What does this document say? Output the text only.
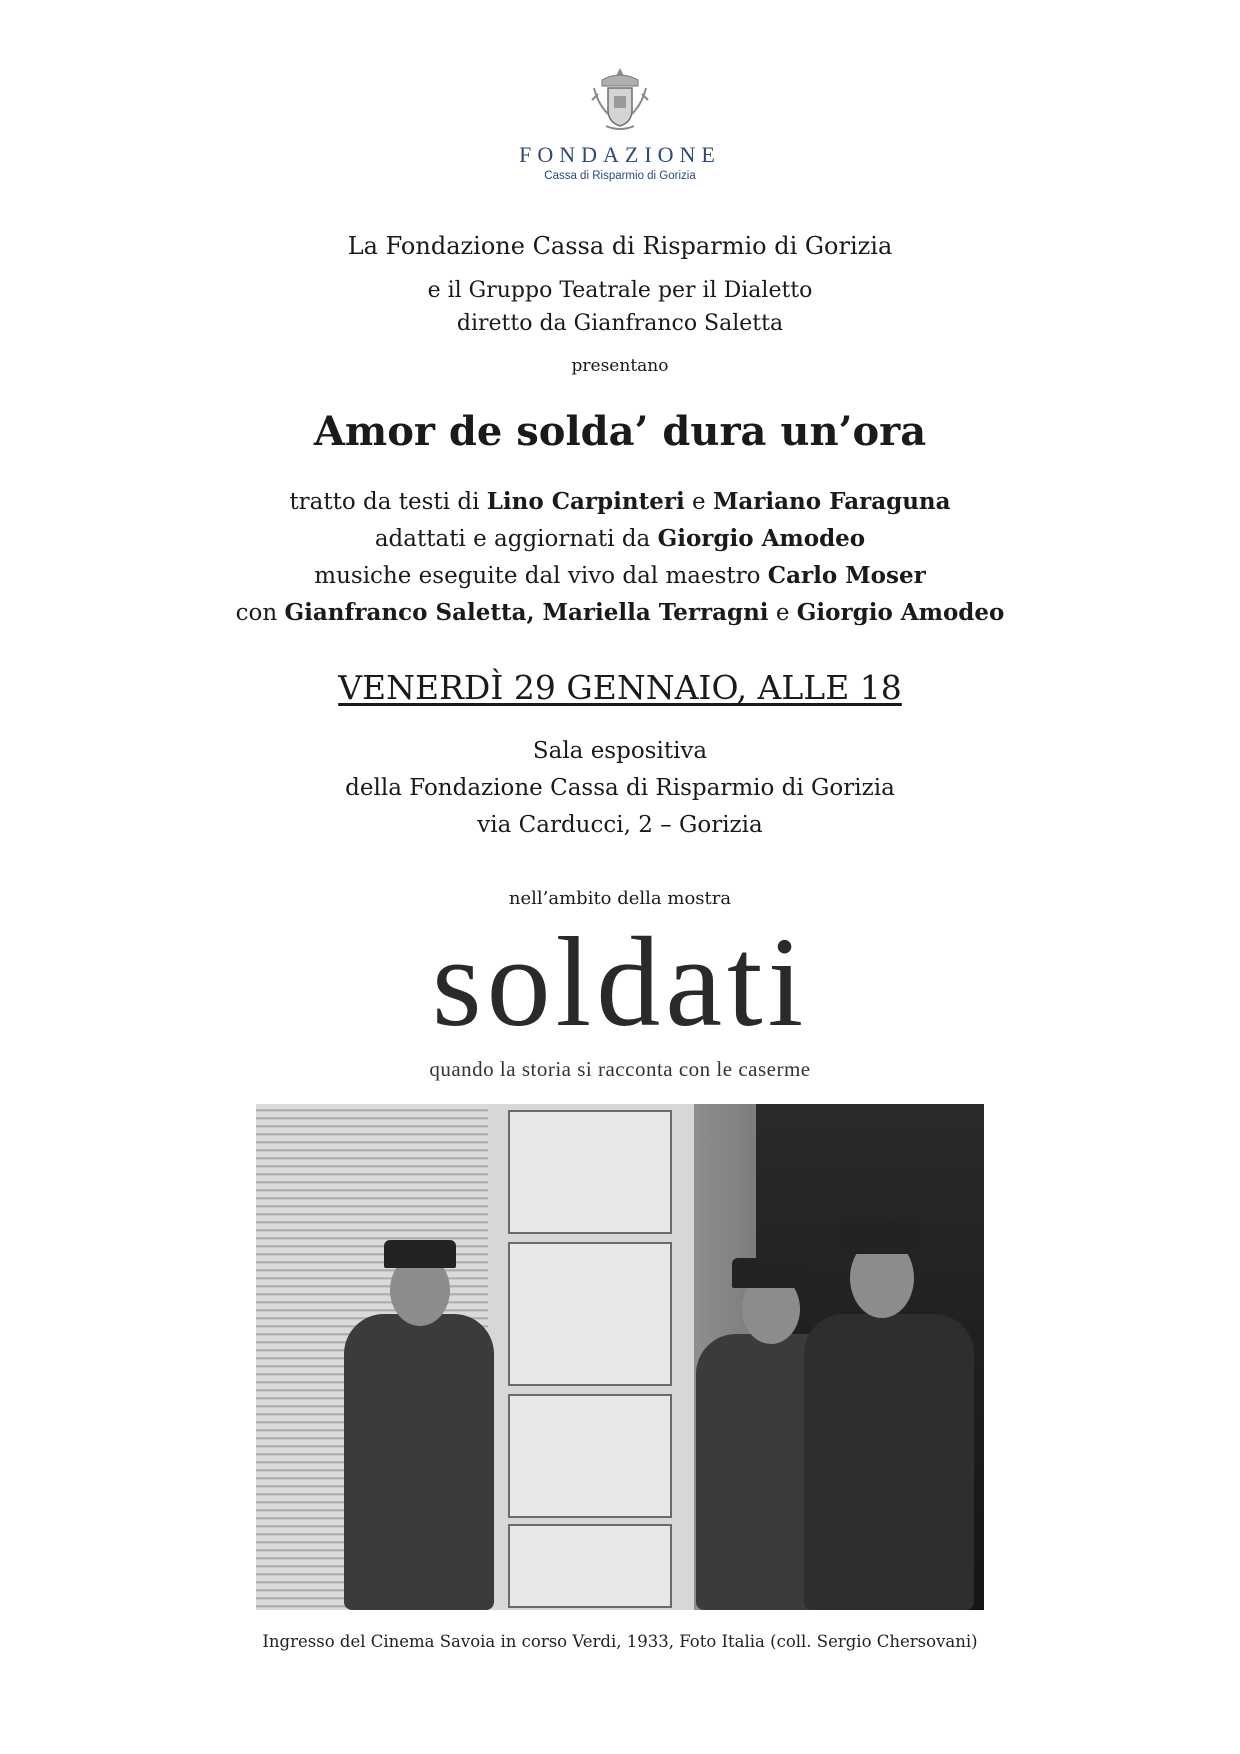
FONDAZIONE
Cassa di Risparmio di Gorizia
La Fondazione Cassa di Risparmio di Gorizia
e il Gruppo Teatrale per il Dialetto
diretto da Gianfranco Saletta
presentano
Amor de solda’ dura un’ora
tratto da testi di Lino Carpinteri e Mariano Faraguna
adattati e aggiornati da Giorgio Amodeo
musiche eseguite dal vivo dal maestro Carlo Moser
con Gianfranco Saletta, Mariella Terragni e Giorgio Amodeo
VENERDÌ 29 GENNAIO, ALLE 18
Sala espositiva
della Fondazione Cassa di Risparmio di Gorizia
via Carducci, 2 – Gorizia
nell’ambito della mostra
soldati
quando la storia si racconta con le caserme
Ingresso del Cinema Savoia in corso Verdi, 1933, Foto Italia (coll. Sergio Chersovani)
